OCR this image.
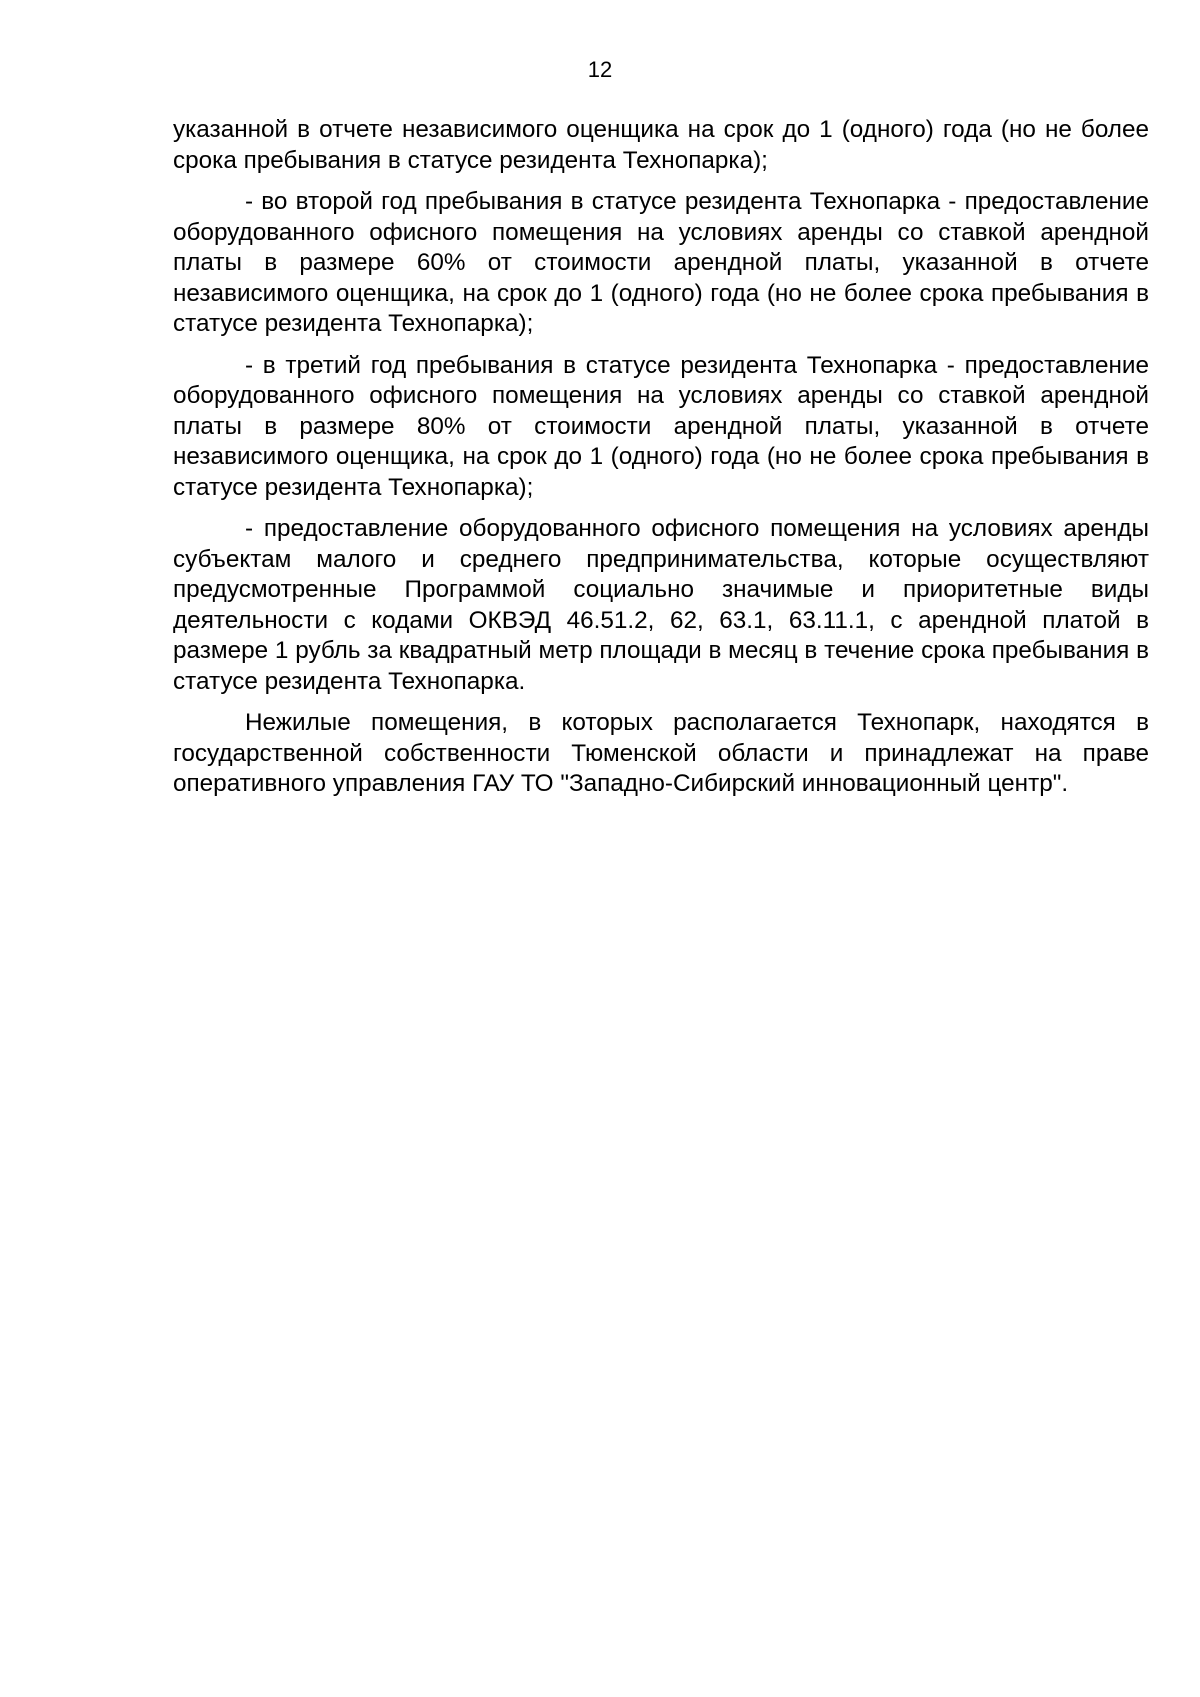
12

указанной в отчете независимого оценщика на срок до 1 (одного) года (но не более срока пребывания в статусе резидента Технопарка);

- во второй год пребывания в статусе резидента Технопарка - предоставление оборудованного офисного помещения на условиях аренды со ставкой арендной платы в размере 60% от стоимости арендной платы, указанной в отчете независимого оценщика, на срок до 1 (одного) года (но не более срока пребывания в статусе резидента Технопарка);

- в третий год пребывания в статусе резидента Технопарка - предоставление оборудованного офисного помещения на условиях аренды со ставкой арендной платы в размере 80% от стоимости арендной платы, указанной в отчете независимого оценщика, на срок до 1 (одного) года (но не более срока пребывания в статусе резидента Технопарка);

- предоставление оборудованного офисного помещения на условиях аренды субъектам малого и среднего предпринимательства, которые осуществляют предусмотренные Программой социально значимые и приоритетные виды деятельности с кодами ОКВЭД 46.51.2, 62, 63.1, 63.11.1, с арендной платой в размере 1 рубль за квадратный метр площади в месяц в течение срока пребывания в статусе резидента Технопарка.

Нежилые помещения, в которых располагается Технопарк, находятся в государственной собственности Тюменской области и принадлежат на праве оперативного управления ГАУ ТО "Западно-Сибирский инновационный центр".
